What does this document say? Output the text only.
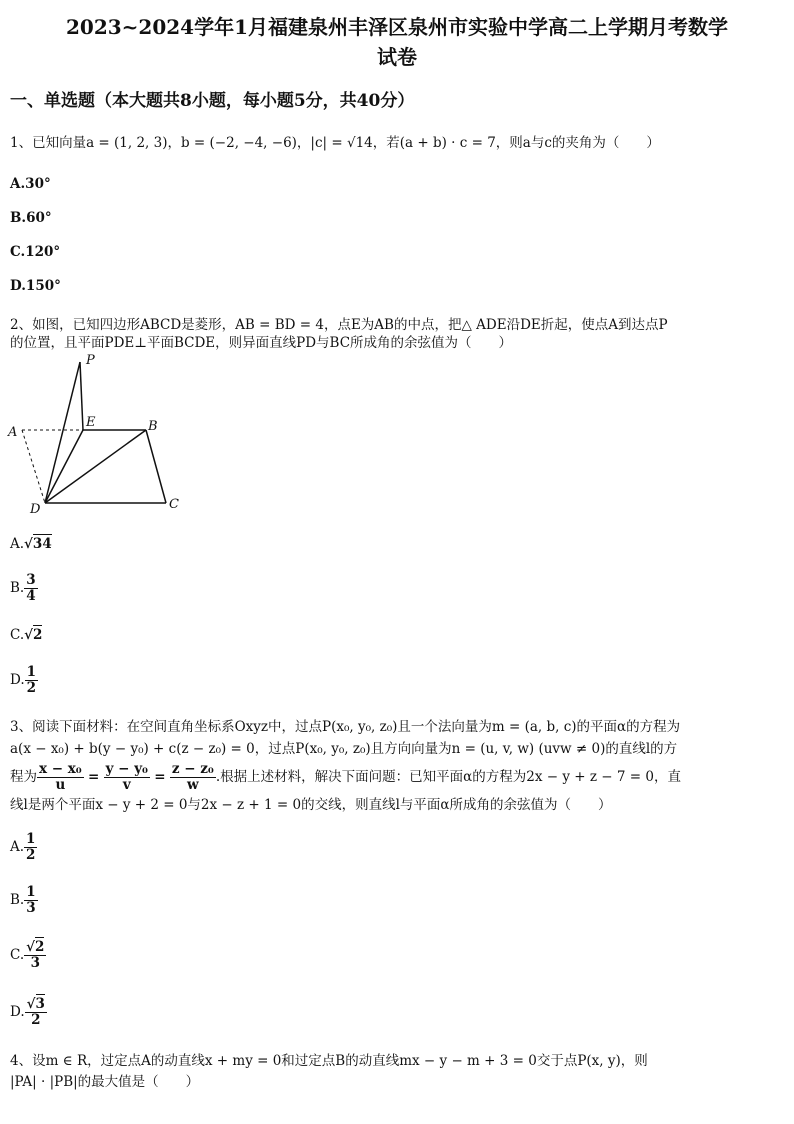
2023~2024学年1月福建泉州丰泽区泉州市实验中学高二上学期月考数学
试卷
一、单选题（本大题共8小题，每小题5分，共40分）
1、已知向量a = (1, 2, 3)，b = (−2, −4, −6)，|c| = √14，若(a + b) · c = 7，则a与c的夹角为（　　）
A.30°
B.60°
C.120°
D.150°
2、如图，已知四边形ABCD是菱形，AB = BD = 4，点E为AB的中点，把△ ADE沿DE折起，使点A到达点P
的位置，且平面PDE⊥平面BCDE，则异面直线PD与BC所成角的余弦值为（　　）
P
E
A	B
D	C
A.√34
B. $\frac{3}{4}$
C.√2
D. $\frac{1}{2}$
3、阅读下面材料：在空间直角坐标系Oxyz中，过点P(x₀, y₀, z₀)且一个法向量为m = (a, b, c)的平面α的方程为
a(x − x₀) + b(y − y₀) + c(z − z₀) = 0，过点P(x₀, y₀, z₀)且方向向量为n = (u, v, w) (uvw ≠ 0)的直线l的方
程为 $\frac{\text{x − x₀}}{u} = \frac{\text{y − y₀}}{v} = \frac{\text{z − z₀}}{w}$ .根据上述材料，解决下面问题：已知平面α的方程为2x − y + z − 7 = 0，直
线l是两个平面x − y + 2 = 0与2x − z + 1 = 0的交线，则直线l与平面α所成角的余弦值为（　　）
A. $\frac{1}{2}$
B. $\frac{1}{3}$
C. $\frac{√2}{3}$
D. $\frac{√3}{2}$
4、设m ∈ R，过定点A的动直线x + my = 0和过定点B的动直线mx − y − m + 3 = 0交于点P(x, y)，则
|PA| · |PB|的最大值是（　　）
